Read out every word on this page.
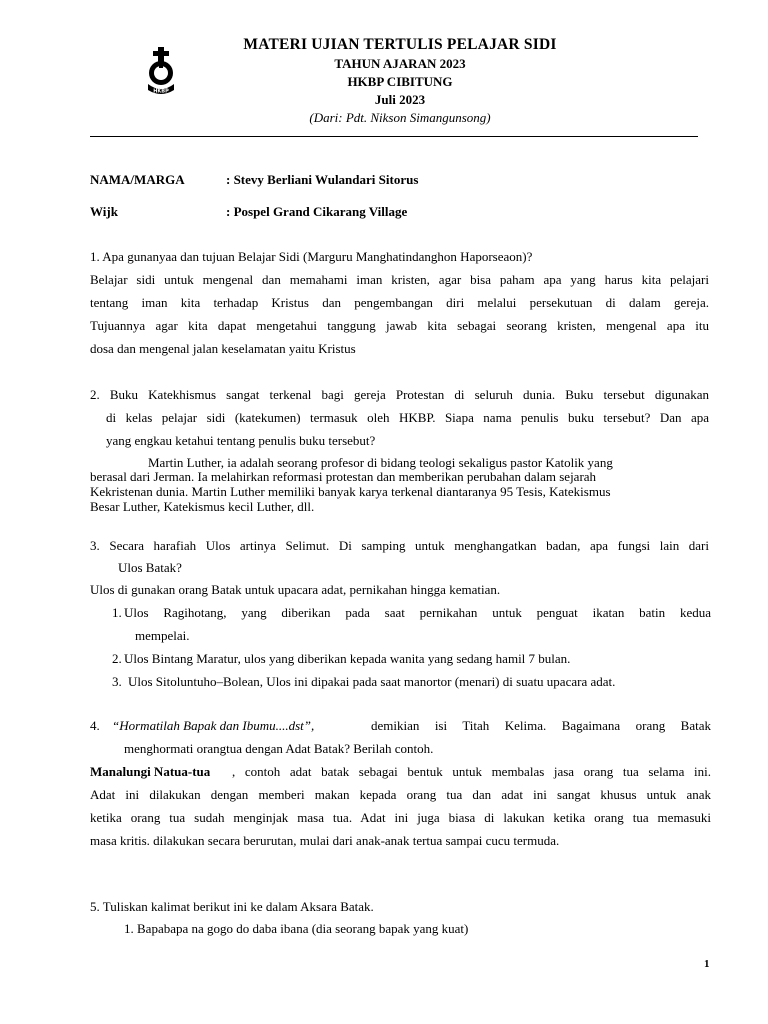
HKBP
MATERI UJIAN TERTULIS PELAJAR SIDI
TAHUN AJARAN 2023
HKBP CIBITUNG
Juli 2023
(Dari: Pdt. Nikson Simangunsong)
NAMA/MARGA	: Stevy Berliani Wulandari Sitorus
Wijk	: Pospel Grand Cikarang Village
1. Apa gunanyaa dan tujuan Belajar Sidi (Marguru Manghatindanghon Haporseaon)?
Belajar sidi untuk mengenal dan memahami iman kristen, agar bisa paham apa yang harus kita pelajari
tentang iman kita terhadap Kristus dan pengembangan diri melalui persekutuan di dalam gereja.
Tujuannya agar kita dapat mengetahui tanggung jawab kita sebagai seorang kristen, mengenal apa itu
dosa dan mengenal jalan keselamatan yaitu Kristus
2. Buku Katekhismus sangat terkenal bagi gereja Protestan di seluruh dunia. Buku tersebut digunakan
di kelas pelajar sidi (katekumen) termasuk oleh HKBP. Siapa nama penulis buku tersebut? Dan apa
yang engkau ketahui tentang penulis buku tersebut?
Martin Luther, ia adalah seorang profesor di bidang teologi sekaligus pastor Katolik yang
berasal dari Jerman. Ia melahirkan reformasi protestan dan memberikan perubahan dalam sejarah
Kekristenan dunia. Martin Luther memiliki banyak karya terkenal diantaranya 95 Tesis, Katekismus
Besar Luther, Katekismus kecil Luther, dll.
3. Secara harafiah Ulos artinya Selimut. Di samping untuk menghangatkan badan, apa fungsi lain dari
Ulos Batak?
Ulos di gunakan orang Batak untuk upacara adat, pernikahan hingga kematian.
1. Ulos Ragihotang, yang diberikan pada saat pernikahan untuk penguat ikatan batin kedua
mempelai.
2. Ulos Bintang Maratur, ulos yang diberikan kepada wanita yang sedang hamil 7 bulan.
3. Ulos Sitoluntuho–Bolean, Ulos ini dipakai pada saat manortor (menari) di suatu upacara adat.
4. “Hormatilah Bapak dan Ibumu....dst”,	demikian isi Titah Kelima. Bagaimana orang Batak
menghormati orangtua dengan Adat Batak? Berilah contoh.
Manalungi Natua-tua , contoh adat batak sebagai bentuk untuk membalas jasa orang tua selama ini.
Adat ini dilakukan dengan memberi makan kepada orang tua dan adat ini sangat khusus untuk anak
ketika orang tua sudah menginjak masa tua. Adat ini juga biasa di lakukan ketika orang tua memasuki
masa kritis. dilakukan secara berurutan, mulai dari anak-anak tertua sampai cucu termuda.
5. Tuliskan kalimat berikut ini ke dalam Aksara Batak.
1. Bapabapa na gogo do daba ibana (dia seorang bapak yang kuat)
1
